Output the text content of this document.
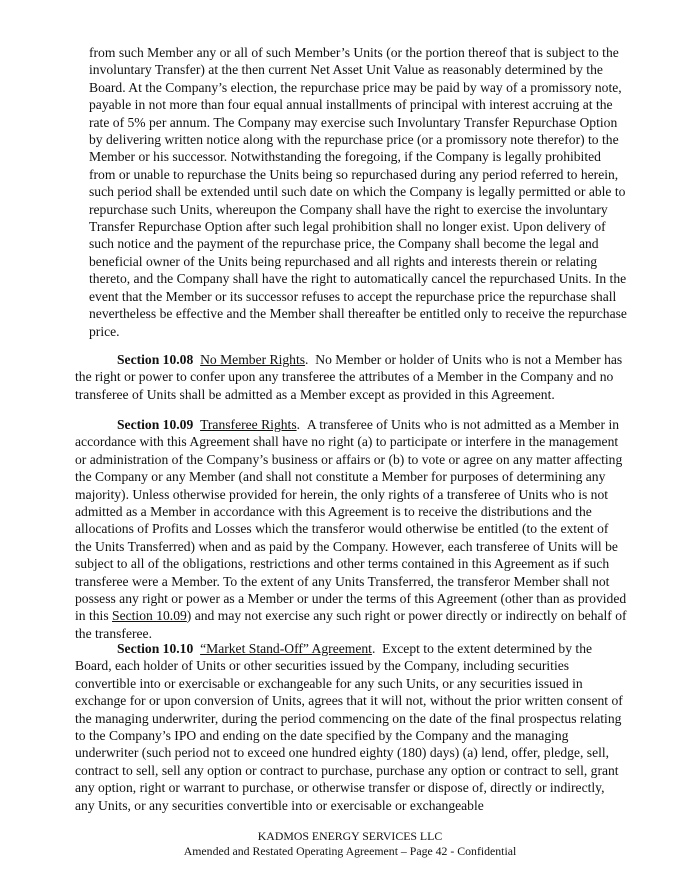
from such Member any or all of such Member’s Units (or the portion thereof that is subject to the involuntary Transfer) at the then current Net Asset Unit Value as reasonably determined by the Board. At the Company’s election, the repurchase price may be paid by way of a promissory note, payable in not more than four equal annual installments of principal with interest accruing at the rate of 5% per annum. The Company may exercise such Involuntary Transfer Repurchase Option by delivering written notice along with the repurchase price (or a promissory note therefor) to the Member or his successor. Notwithstanding the foregoing, if the Company is legally prohibited from or unable to repurchase the Units being so repurchased during any period referred to herein, such period shall be extended until such date on which the Company is legally permitted or able to repurchase such Units, whereupon the Company shall have the right to exercise the involuntary Transfer Repurchase Option after such legal prohibition shall no longer exist. Upon delivery of such notice and the payment of the repurchase price, the Company shall become the legal and beneficial owner of the Units being repurchased and all rights and interests therein or relating thereto, and the Company shall have the right to automatically cancel the repurchased Units. In the event that the Member or its successor refuses to accept the repurchase price the repurchase shall nevertheless be effective and the Member shall thereafter be entitled only to receive the repurchase price.

Section 10.08 No Member Rights.  No Member or holder of Units who is not a Member has the right or power to confer upon any transferee the attributes of a Member in the Company and no transferee of Units shall be admitted as a Member except as provided in this Agreement.

Section 10.09 Transferee Rights.  A transferee of Units who is not admitted as a Member in accordance with this Agreement shall have no right (a) to participate or interfere in the management or administration of the Company’s business or affairs or (b) to vote or agree on any matter affecting the Company or any Member (and shall not constitute a Member for purposes of determining any majority). Unless otherwise provided for herein, the only rights of a transferee of Units who is not admitted as a Member in accordance with this Agreement is to receive the distributions and the allocations of Profits and Losses which the transferor would otherwise be entitled (to the extent of the Units Transferred) when and as paid by the Company. However, each transferee of Units will be subject to all of the obligations, restrictions and other terms contained in this Agreement as if such transferee were a Member. To the extent of any Units Transferred, the transferor Member shall not possess any right or power as a Member or under the terms of this Agreement (other than as provided in this Section 10.09) and may not exercise any such right or power directly or indirectly on behalf of the transferee.

Section 10.10 “Market Stand-Off” Agreement.  Except to the extent determined by the Board, each holder of Units or other securities issued by the Company, including securities convertible into or exercisable or exchangeable for any such Units, or any securities issued in exchange for or upon conversion of Units, agrees that it will not, without the prior written consent of the managing underwriter, during the period commencing on the date of the final prospectus relating to the Company’s IPO and ending on the date specified by the Company and the managing underwriter (such period not to exceed one hundred eighty (180) days) (a) lend, offer, pledge, sell, contract to sell, sell any option or contract to purchase, purchase any option or contract to sell, grant any option, right or warrant to purchase, or otherwise transfer or dispose of, directly or indirectly, any Units, or any securities convertible into or exercisable or exchangeable

KADMOS ENERGY SERVICES LLC
Amended and Restated Operating Agreement – Page 42 - Confidential
